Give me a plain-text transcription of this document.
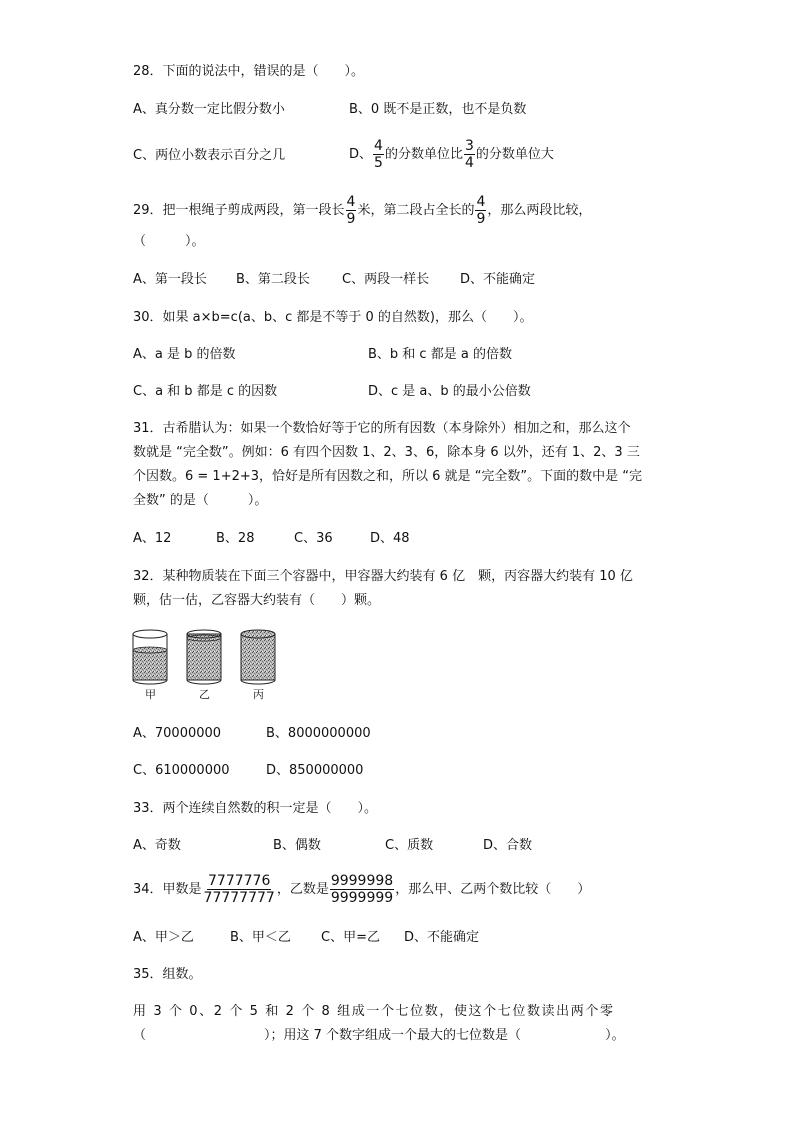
28．下面的说法中，错误的是（　　）。
A、真分数一定比假分数小	B、0 既不是正数，也不是负数
C、两位小数表示百分之几	D、 $\frac{4}{5}$ 的分数单位比 $\frac{3}{4}$ 的分数单位大
29．把一根绳子剪成两段，第一段长 $\frac{4}{9}$ 米，第二段占全长的 $\frac{4}{9}$ ，那么两段比较，
（　　　）。
A、第一段长 B、第二段长 C、两段一样长 D、不能确定
30．如果 a×b=c(a、b、c 都是不等于 0 的自然数)，那么（　　）。
A、a 是 b 的倍数	B、b 和 c 都是 a 的倍数
C、a 和 b 都是 c 的因数	D、c 是 a、b 的最小公倍数
31．古希腊认为：如果一个数恰好等于它的所有因数（本身除外）相加之和，那么这个
数就是 “完全数”。例如：6 有四个因数 1、2、3、6，除本身 6 以外，还有 1、2、3 三
个因数。6 = 1+2+3，恰好是所有因数之和，所以 6 就是 “完全数”。下面的数中是 “完
全数” 的是（　　　）。
A、12	B、28	C、36	D、48
32．某种物质装在下面三个容器中，甲容器大约装有 6 亿　颗，丙容器大约装有 10 亿
颗，估一估，乙容器大约装有（　　）颗。
甲	乙	丙
A、70000000	B、8000000000
C、610000000	D、850000000
33．两个连续自然数的积一定是（　　）。
A、奇数	B、偶数	C、质数	D、合数
34．甲数是 $\frac{7777776}{77777777}$ ，乙数是 $\frac{9999998}{9999999}$ ，那么甲、乙两个数比较（　　）
A、甲＞乙	B、甲＜乙 C、甲=乙 D、不能确定
35．组数。
用 3 个 0、2 个 5 和 2 个 8 组成一个七位数，使这个七位数读出两个零
（	）；用这 7 个数字组成一个最大的七位数是（	）。
